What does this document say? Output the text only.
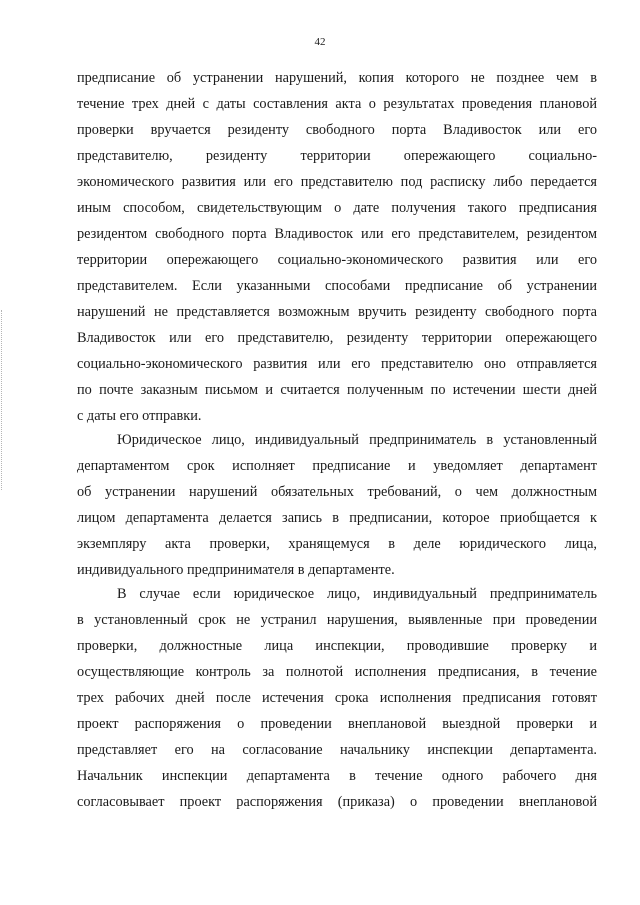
42
предписание об устранении нарушений, копия которого не позднее чем в
течение трех дней с даты составления акта о результатах проведения плановой
проверки вручается резиденту свободного порта Владивосток или его
представителю, резиденту территории опережающего социально-
экономического развития или его представителю под расписку либо передается
иным способом, свидетельствующим о дате получения такого предписания
резидентом свободного порта Владивосток или его представителем, резидентом
территории опережающего социально-экономического развития или его
представителем. Если указанными способами предписание об устранении
нарушений не представляется возможным вручить резиденту свободного порта
Владивосток или его представителю, резиденту территории опережающего
социально-экономического развития или его представителю оно отправляется
по почте заказным письмом и считается полученным по истечении шести дней
с даты его отправки.
Юридическое лицо, индивидуальный предприниматель в установленный
департаментом срок исполняет предписание и уведомляет департамент
об устранении нарушений обязательных требований, о чем должностным
лицом департамента делается запись в предписании, которое приобщается к
экземпляру акта проверки, хранящемуся в деле юридического лица,
индивидуального предпринимателя в департаменте.
В случае если юридическое лицо, индивидуальный предприниматель
в установленный срок не устранил нарушения, выявленные при проведении
проверки, должностные лица инспекции, проводившие проверку и
осуществляющие контроль за полнотой исполнения предписания, в течение
трех рабочих дней после истечения срока исполнения предписания готовят
проект распоряжения о проведении внеплановой выездной проверки и
представляет его на согласование начальнику инспекции департамента.
Начальник инспекции департамента в течение одного рабочего дня
согласовывает проект распоряжения (приказа) о проведении внеплановой
